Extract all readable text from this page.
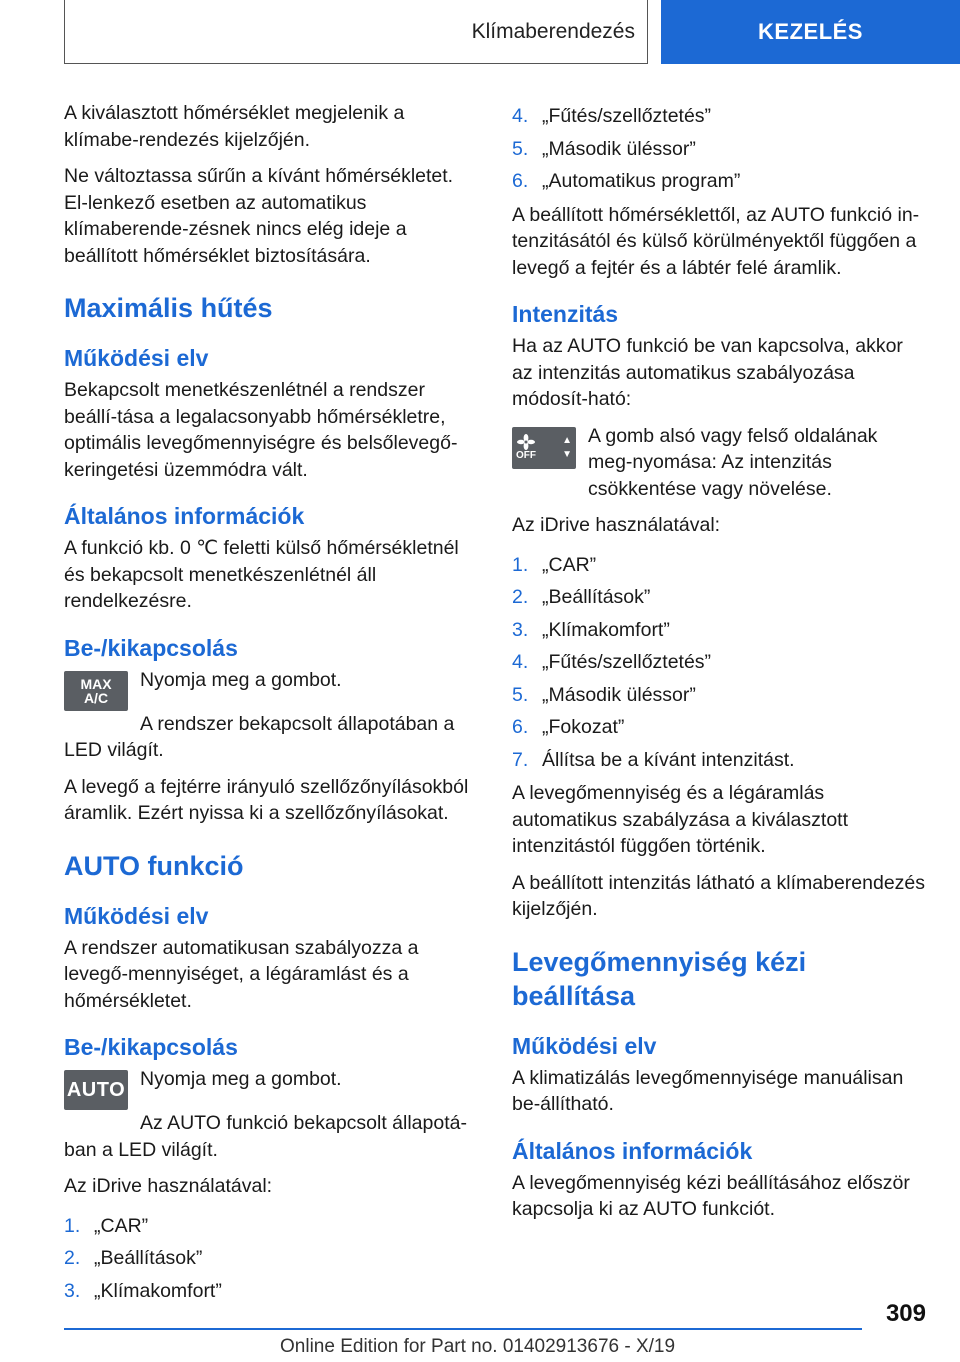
Klímaberendezés	KEZELÉS

A kiválasztott hőmérséklet megjelenik a klímabe-rendezés kijelzőjén.

Ne változtassa sűrűn a kívánt hőmérsékletet. El-lenkező esetben az automatikus klímaberende-zésnek nincs elég ideje a beállított hőmérséklet biztosítására.

Maximális hűtés
Működési elv

Bekapcsolt menetkészenlétnél a rendszer beállí-tása a legalacsonyabb hőmérsékletre, optimális levegőmennyiségre és belsőlevegő-keringetési üzemmódra vált.

Általános információk

A funkció kb. 0 ℃ feletti külső hőmérsékletnél és bekapcsolt menetkészenlétnél áll rendelkezésre.

Be-/kikapcsolás
MAX
A/C

Nyomja meg a gombot.

A rendszer bekapcsolt állapotában a LED világít.

A levegő a fejtérre irányuló szellőzőnyílásokból áramlik. Ezért nyissa ki a szellőzőnyílásokat.

AUTO funkció
Működési elv

A rendszer automatikusan szabályozza a levegő-mennyiséget, a légáramlást és a hőmérsékletet.

Be-/kikapcsolás
AUTO Nyomja meg a gombot.

Az AUTO funkció bekapcsolt állapotá-ban a LED világít.

Az iDrive használatával:

1. „CAR”
2. „Beállítások”
3. „Klímakomfort”
4. „Fűtés/szellőztetés”
5. „Második üléssor”
6. „Automatikus program”

A beállított hőmérséklettől, az AUTO funkció in-tenzitásától és külső körülményektől függően a levegő a fejtér és a lábtér felé áramlik.

Intenzitás

Ha az AUTO funkció be van kapcsolva, akkor az intenzitás automatikus szabályozása módosít-ható:

OFF
▲
▼

A gomb alsó vagy felső oldalának meg-nyomása: Az intenzitás csökkentése vagy növelése.

Az iDrive használatával:

1. „CAR”
2. „Beállítások”
3. „Klímakomfort”
4. „Fűtés/szellőztetés”
5. „Második üléssor”
6. „Fokozat”
7. Állítsa be a kívánt intenzitást.

A levegőmennyiség és a légáramlás automatikus szabályzása a kiválasztott intenzitástól függően történik.

A beállított intenzitás látható a klímaberendezés kijelzőjén.

Levegőmennyiség kézi beállítása
Működési elv

A klimatizálás levegőmennyisége manuálisan be-állítható.

Általános információk

A levegőmennyiség kézi beállításához először kapcsolja ki az AUTO funkciót.

309
Online Edition for Part no. 01402913676 - X/19
